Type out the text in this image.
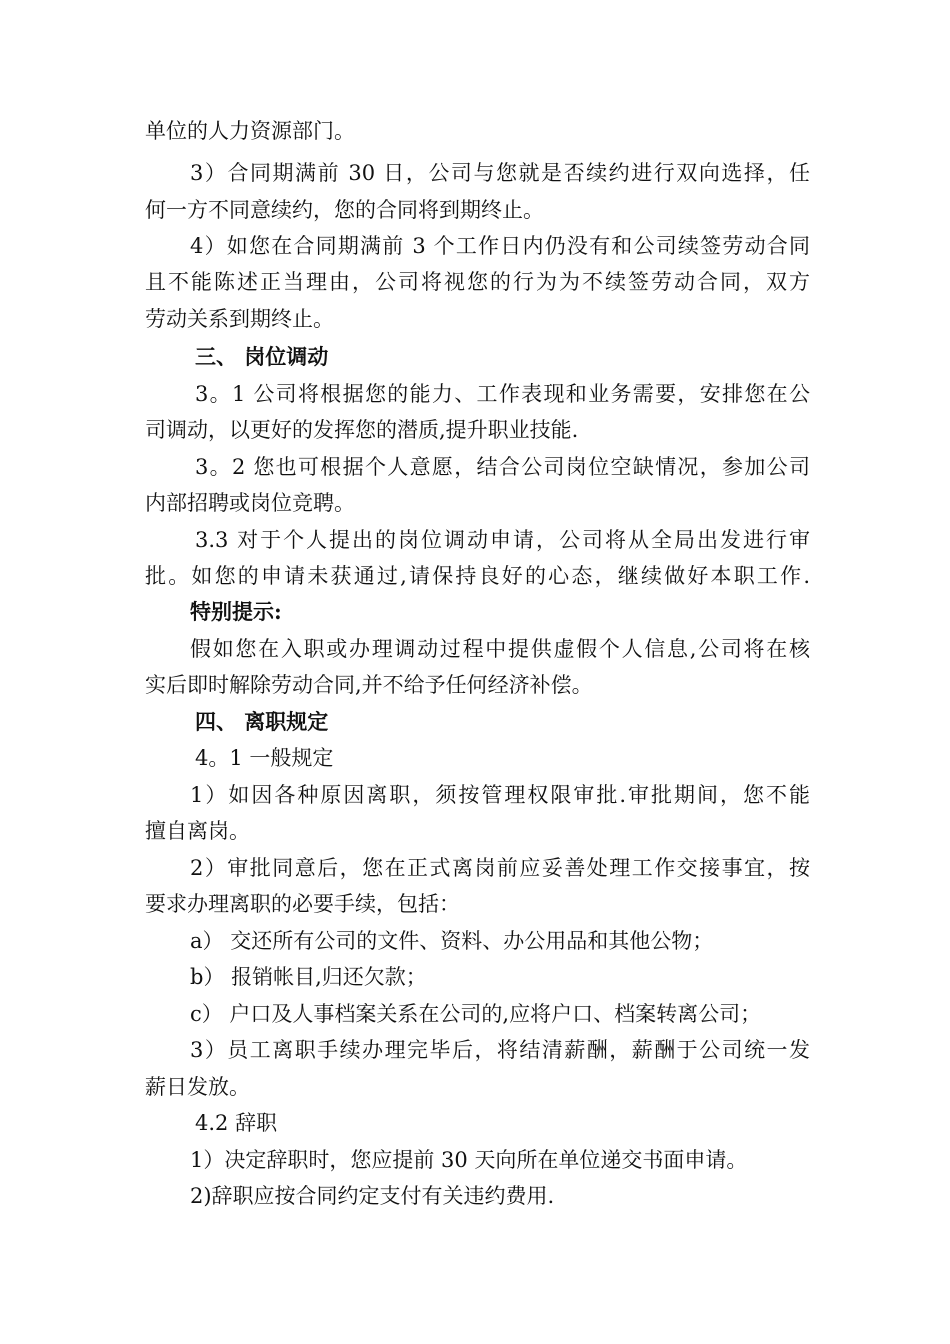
单位的人力资源部门。
3）合同期满前 30 日，公司与您就是否续约进行双向选择，任
何一方不同意续约，您的合同将到期终止。
4）如您在合同期满前 3 个工作日内仍没有和公司续签劳动合同
且不能陈述正当理由，公司将视您的行为为不续签劳动合同，双方
劳动关系到期终止。
三、 岗位调动
3。1 公司将根据您的能力、工作表现和业务需要，安排您在公
司调动，以更好的发挥您的潜质,提升职业技能.
3。2 您也可根据个人意愿，结合公司岗位空缺情况，参加公司
内部招聘或岗位竞聘。
3.3 对于个人提出的岗位调动申请，公司将从全局出发进行审
批。如您的申请未获通过,请保持良好的心态，继续做好本职工作.
特别提示:
假如您在入职或办理调动过程中提供虚假个人信息,公司将在核
实后即时解除劳动合同,并不给予任何经济补偿。
四、 离职规定
4。1 一般规定
1）如因各种原因离职，须按管理权限审批.审批期间，您不能
擅自离岗。
2）审批同意后，您在正式离岗前应妥善处理工作交接事宜，按
要求办理离职的必要手续，包括：
a） 交还所有公司的文件、资料、办公用品和其他公物；
b） 报销帐目,归还欠款；
c） 户口及人事档案关系在公司的,应将户口、档案转离公司；
3）员工离职手续办理完毕后，将结清薪酬，薪酬于公司统一发
薪日发放。
4.2 辞职
1）决定辞职时，您应提前 30 天向所在单位递交书面申请。
2)辞职应按合同约定支付有关违约费用.
